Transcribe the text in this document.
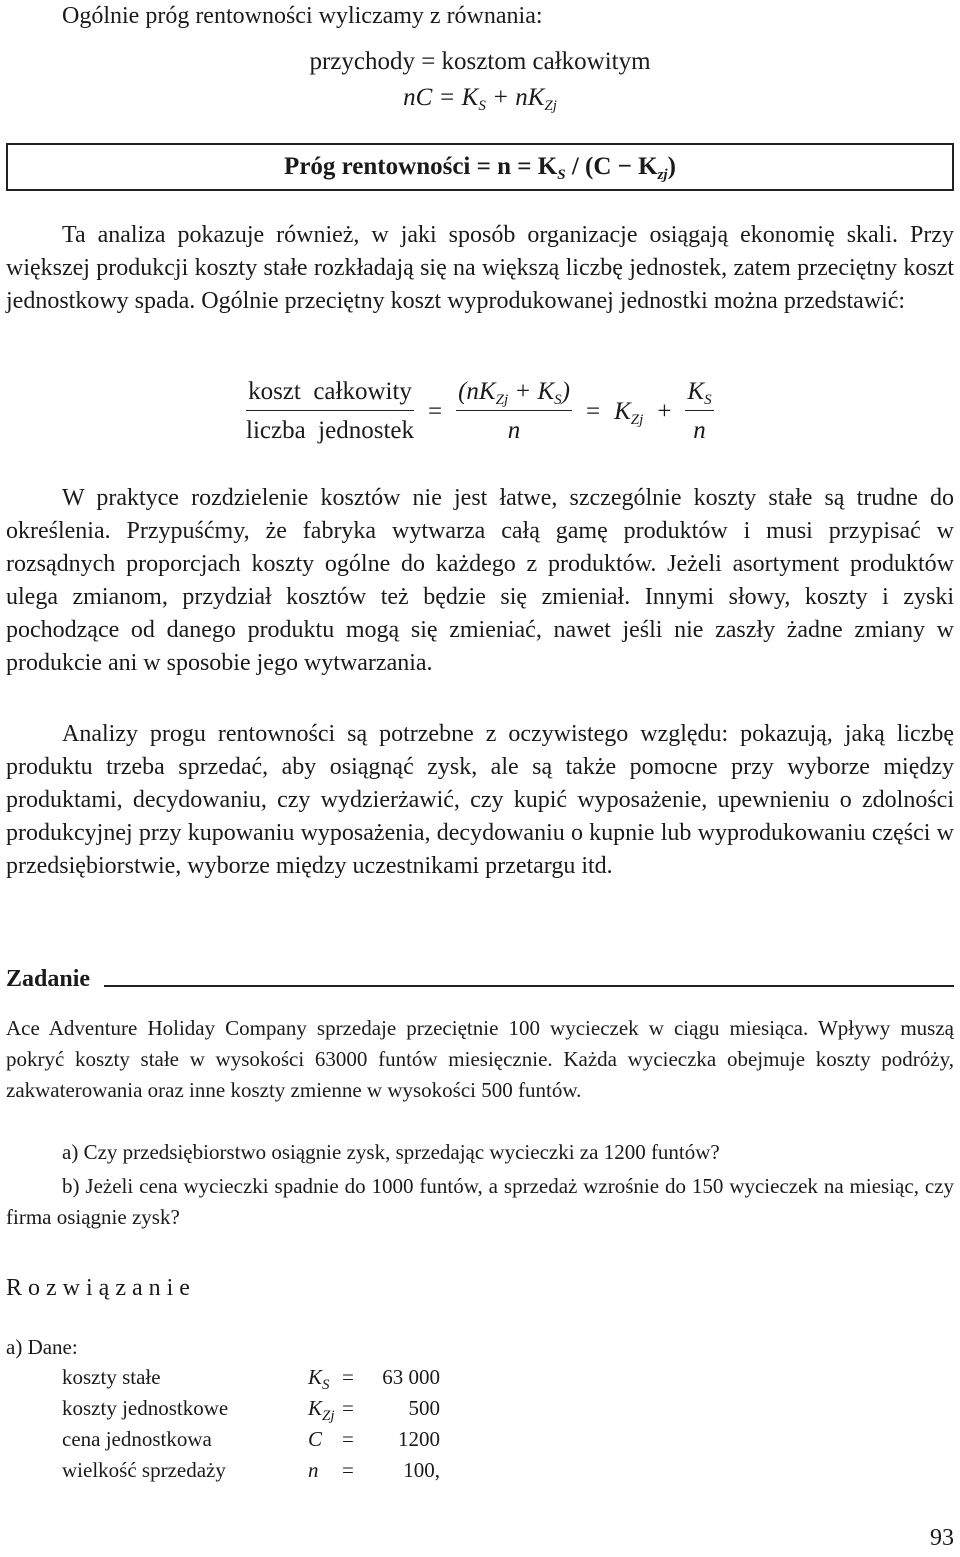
Ogólnie próg rentowności wyliczamy z równania:

przychody = kosztom całkowitym
nC = $K_S + nK_{Zj}$
Próg rentowności = $n = K_S / (C - K_{zj})$

Ta analiza pokazuje również, w jaki sposób organizacje osiągają ekonomię skali. Przy większej produkcji koszty stałe rozkładają się na większą liczbę jednostek, zatem przeciętny koszt jednostkowy spada. Ogólnie przeciętny koszt wyprodukowanej jednostki można przedstawić:

$\frac{\text{koszt  całkowity}}{\text{liczba  jednostek}} = \frac{(nK_{Zj} + K_S)}{n} = K_{Zj} + \frac{K_S}{n}$

W praktyce rozdzielenie kosztów nie jest łatwe, szczególnie koszty stałe są trudne do określenia. Przypuśćmy, że fabryka wytwarza całą gamę produktów i musi przypisać w rozsądnych proporcjach koszty ogólne do każdego z produktów. Jeżeli asortyment produktów ulega zmianom, przydział kosztów też będzie się zmieniał. Innymi słowy, koszty i zyski pochodzące od danego produktu mogą się zmieniać, nawet jeśli nie zaszły żadne zmiany w produkcie ani w sposobie jego wytwarzania.

Analizy progu rentowności są potrzebne z oczywistego względu: pokazują, jaką liczbę produktu trzeba sprzedać, aby osiągnąć zysk, ale są także pomocne przy wyborze między produktami, decydowaniu, czy wydzierżawić, czy kupić wyposażenie, upewnieniu o zdolności produkcyjnej przy kupowaniu wyposażenia, decydowaniu o kupnie lub wyprodukowaniu części w przedsiębiorstwie, wyborze między uczestnikami przetargu itd.

Zadanie

Ace Adventure Holiday Company sprzedaje przeciętnie 100 wycieczek w ciągu miesiąca. Wpływy muszą pokryć koszty stałe w wysokości 63000 funtów miesięcznie. Każda wycieczka obejmuje koszty podróży, zakwaterowania oraz inne koszty zmienne w wysokości 500 funtów.

a) Czy przedsiębiorstwo osiągnie zysk, sprzedając wycieczki za 1200 funtów?

b) Jeżeli cena wycieczki spadnie do 1000 funtów, a sprzedaż wzrośnie do 150 wycieczek na miesiąc, czy firma osiągnie zysk?

Rozwiązanie
a) Dane:
koszty stałe	$K_S$	=	63 000
koszty jednostkowe	$K_{Zj}$	=	500
cena jednostkowa	C	=	1200
wielkość sprzedaży	n	=	100,
93
